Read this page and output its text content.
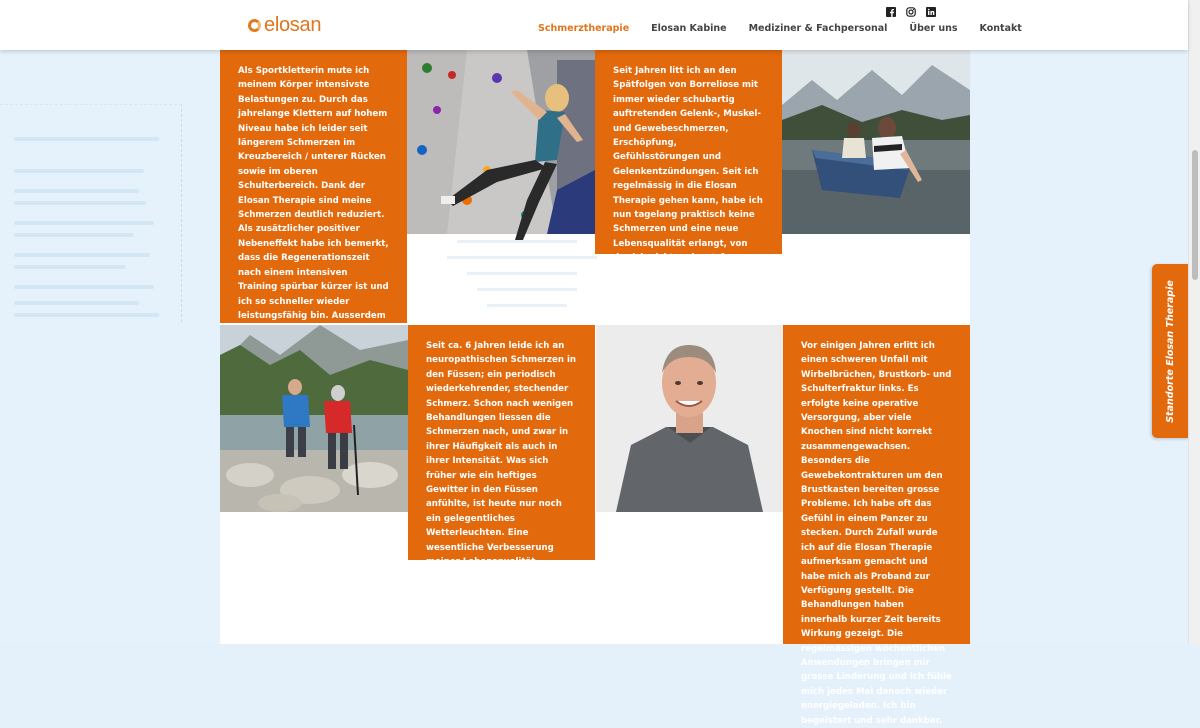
Als Sportkletterin mute ich meinem Körper intensivste Belastungen zu. Durch das jahrelange Klettern auf hohem Niveau habe ich leider seit längerem Schmerzen im Kreuzbereich / unterer Rücken sowie im oberen Schulterbereich. Dank der Elosan Therapie sind meine Schmerzen deutlich reduziert. Als zusätzlicher positiver Nebeneffekt habe ich bemerkt, dass die Regenerationszeit nach einem intensiven Training spürbar kürzer ist und ich so schneller wieder leistungsfähig bin. Ausserdem
Seit Jahren litt ich an den Spätfolgen von Borreliose mit immer wieder schubartig auftretenden Gelenk-, Muskel- und Gewebeschmerzen, Erschöpfung, Gefühlsstörungen und Gelenkentzündungen. Seit ich regelmässig in die Elosan Therapie gehen kann, habe ich nun tagelang praktisch keine Schmerzen und eine neue Lebensqualität erlangt, von der ich nicht mal zu träumen wagte.
Renate Bösch, Sargans
Seit ca. 6 Jahren leide ich an neuropathischen Schmerzen in den Füssen; ein periodisch wiederkehrender, stechender Schmerz. Schon nach wenigen Behandlungen liessen die Schmerzen nach, und zwar in ihrer Häufigkeit als auch in ihrer Intensität. Was sich früher wie ein heftiges Gewitter in den Füssen anfühlte, ist heute nur noch ein gelegentliches Wetterleuchten. Eine wesentliche Verbesserung meiner Lebensqualität.
Hansjörg Hartmann, Vaduz
Vor einigen Jahren erlitt ich einen schweren Unfall mit Wirbelbrüchen, Brustkorb- und Schulterfraktur links. Es erfolgte keine operative Versorgung, aber viele Knochen sind nicht korrekt zusammengewachsen. Besonders die Gewebekontrakturen um den Brustkasten bereiten grosse Probleme. Ich habe oft das Gefühl in einem Panzer zu stecken. Durch Zufall wurde ich auf die Elosan Therapie aufmerksam gemacht und habe mich als Proband zur Verfügung gestellt. Die Behandlungen haben innerhalb kurzer Zeit bereits Wirkung gezeigt. Die regelmässigen wöchentlichen Anwendungen bringen mir grosse Linderung und ich fühle mich jedes Mal danach wieder energiegeladen. Ich bin begeistert und sehr dankbar.
elosan	Schmerztherapie Elosan Kabine Mediziner & Fachpersonal Über uns Kontakt
Standorte Elosan Therapie
